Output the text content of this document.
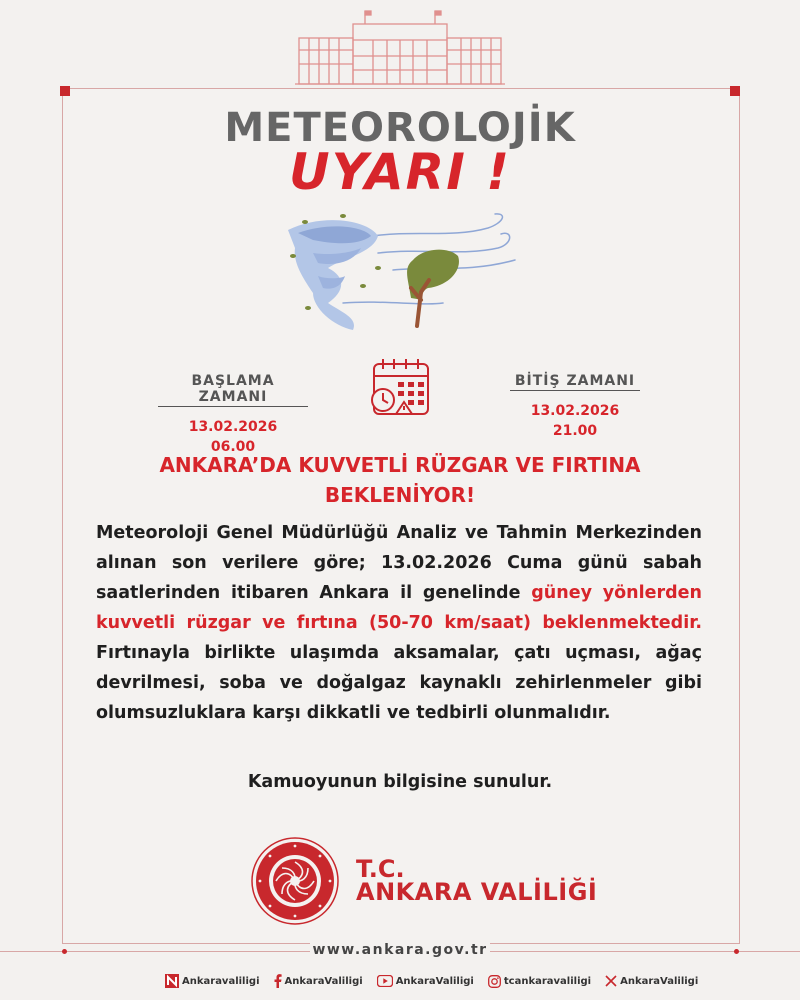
METEOROLOJİK
UYARI !
BAŞLAMA ZAMANI
13.02.2026
06.00
BİTİŞ ZAMANI
13.02.2026
21.00
ANKARA’DA KUVVETLİ RÜZGAR VE FIRTINA
BEKLENİYOR!
Meteoroloji Genel Müdürlüğü Analiz ve Tahmin Merkezinden alınan son verilere göre; 13.02.2026 Cuma günü sabah saatlerinden itibaren Ankara il genelinde güney yönlerden kuvvetli rüzgar ve fırtına (50-70 km/saat) beklenmektedir. Fırtınayla birlikte ulaşımda aksamalar, çatı uçması, ağaç devrilmesi, soba ve doğalgaz kaynaklı zehirlenmeler gibi olumsuzluklara karşı dikkatli ve tedbirli olunmalıdır.
Kamuoyunun bilgisine sunulur.
T.C.
ANKARA VALİLİĞİ
www.ankara.gov.tr
Ankaravaliligi	AnkaraValiligi	AnkaraValiligi	tcankaravaliligi	AnkaraValiligi
